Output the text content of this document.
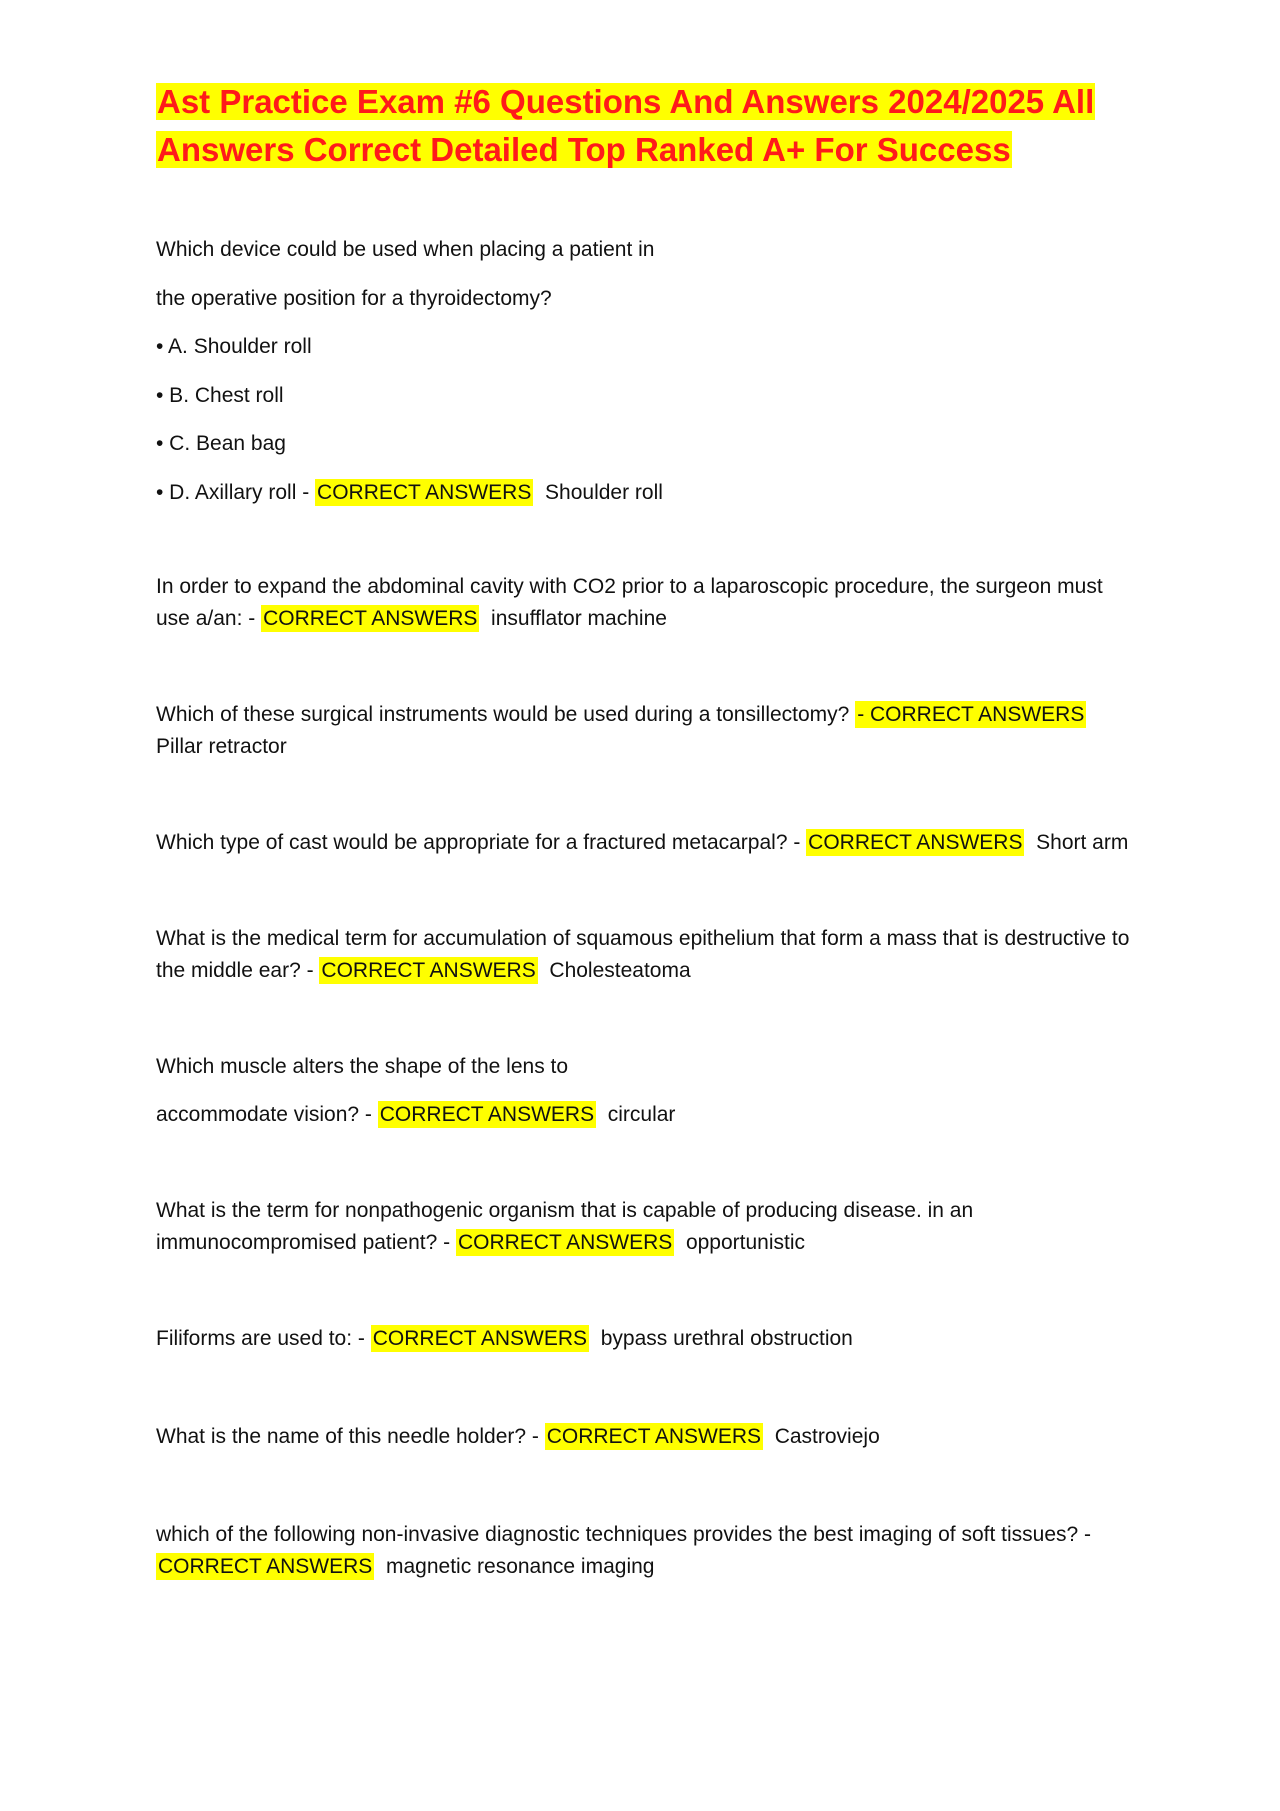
Ast Practice Exam #6 Questions And Answers 2024/2025 All Answers Correct Detailed Top Ranked A+ For Success

Which device could be used when placing a patient in

the operative position for a thyroidectomy?

• A. Shoulder roll

• B. Chest roll

• C. Bean bag

• D. Axillary roll - CORRECT ANSWERS Shoulder roll

In order to expand the abdominal cavity with CO2 prior to a laparoscopic procedure, the surgeon must use a/an: - CORRECT ANSWERS insufflator machine

Which of these surgical instruments would be used during a tonsillectomy? - CORRECT ANSWERS Pillar retractor

Which type of cast would be appropriate for a fractured metacarpal? - CORRECT ANSWERS Short arm

What is the medical term for accumulation of squamous epithelium that form a mass that is destructive to the middle ear? - CORRECT ANSWERS Cholesteatoma

Which muscle alters the shape of the lens to

accommodate vision? - CORRECT ANSWERS circular

What is the term for nonpathogenic organism that is capable of producing disease. in an immunocompromised patient? - CORRECT ANSWERS opportunistic

Filiforms are used to: - CORRECT ANSWERS bypass urethral obstruction

What is the name of this needle holder? - CORRECT ANSWERS Castroviejo

which of the following non-invasive diagnostic techniques provides the best imaging of soft tissues? - CORRECT ANSWERS magnetic resonance imaging
